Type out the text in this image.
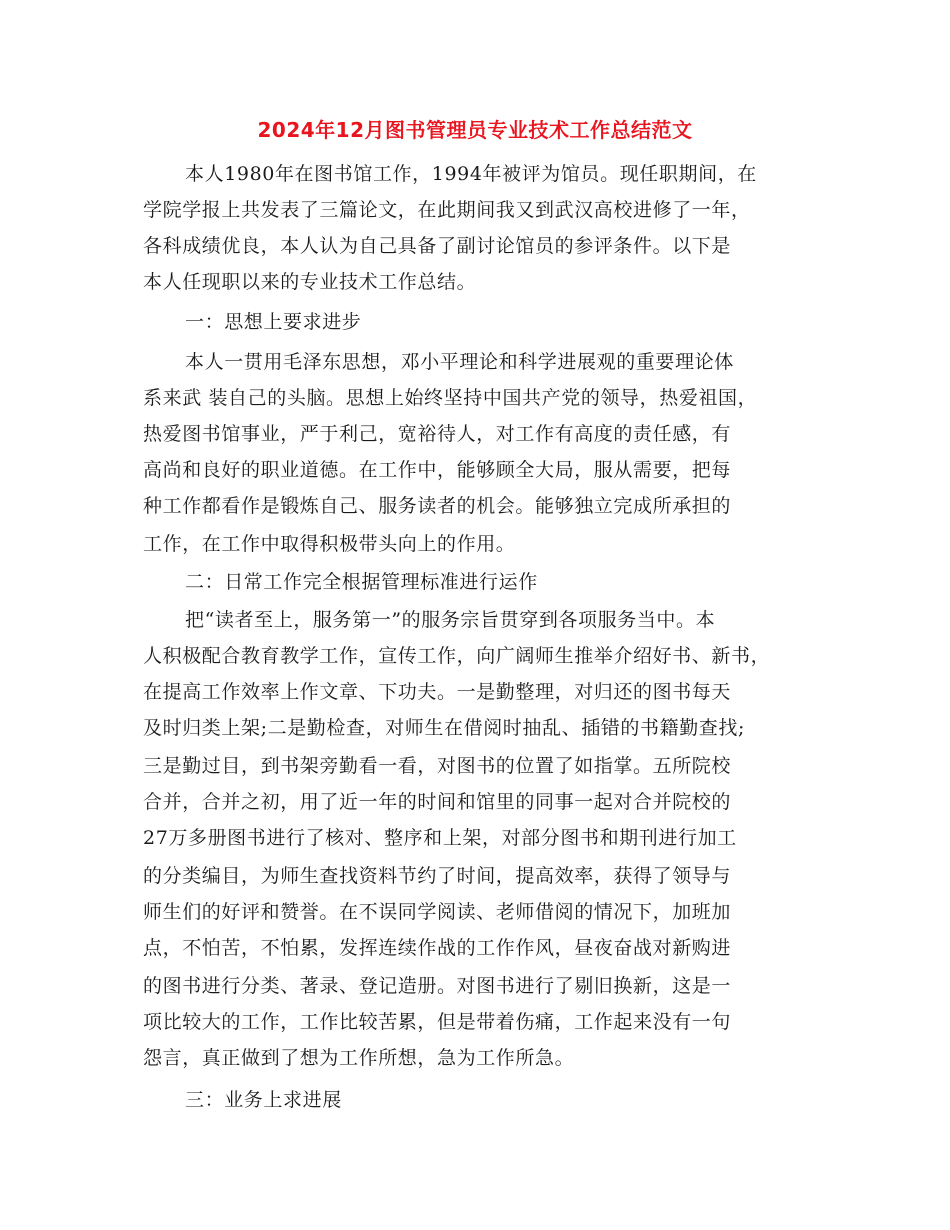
2024年12月图书管理员专业技术工作总结范文
本人1980年在图书馆工作，1994年被评为馆员。现任职期间，在
学院学报上共发表了三篇论文，在此期间我又到武汉高校进修了一年，
各科成绩优良，本人认为自己具备了副讨论馆员的参评条件。以下是
本人任现职以来的专业技术工作总结。
一：思想上要求进步
本人一贯用毛泽东思想，邓小平理论和科学进展观的重要理论体
系来武 装自己的头脑。思想上始终坚持中国共产党的领导，热爱祖国，
热爱图书馆事业，严于利己，宽裕待人，对工作有高度的责任感，有
高尚和良好的职业道德。在工作中，能够顾全大局，服从需要，把每
种工作都看作是锻炼自己、服务读者的机会。能够独立完成所承担的
工作，在工作中取得积极带头向上的作用。
二：日常工作完全根据管理标准进行运作
把“读者至上，服务第一”的服务宗旨贯穿到各项服务当中。本
人积极配合教育教学工作，宣传工作，向广阔师生推举介绍好书、新书，
在提高工作效率上作文章、下功夫。一是勤整理，对归还的图书每天
及时归类上架;二是勤检查，对师生在借阅时抽乱、插错的书籍勤查找;
三是勤过目，到书架旁勤看一看，对图书的位置了如指掌。五所院校
合并，合并之初，用了近一年的时间和馆里的同事一起对合并院校的
27万多册图书进行了核对、整序和上架，对部分图书和期刊进行加工
的分类编目，为师生查找资料节约了时间，提高效率，获得了领导与
师生们的好评和赞誉。在不误同学阅读、老师借阅的情况下，加班加
点，不怕苦，不怕累，发挥连续作战的工作作风，昼夜奋战对新购进
的图书进行分类、著录、登记造册。对图书进行了剔旧换新，这是一
项比较大的工作，工作比较苦累，但是带着伤痛，工作起来没有一句
怨言，真正做到了想为工作所想，急为工作所急。
三：业务上求进展
